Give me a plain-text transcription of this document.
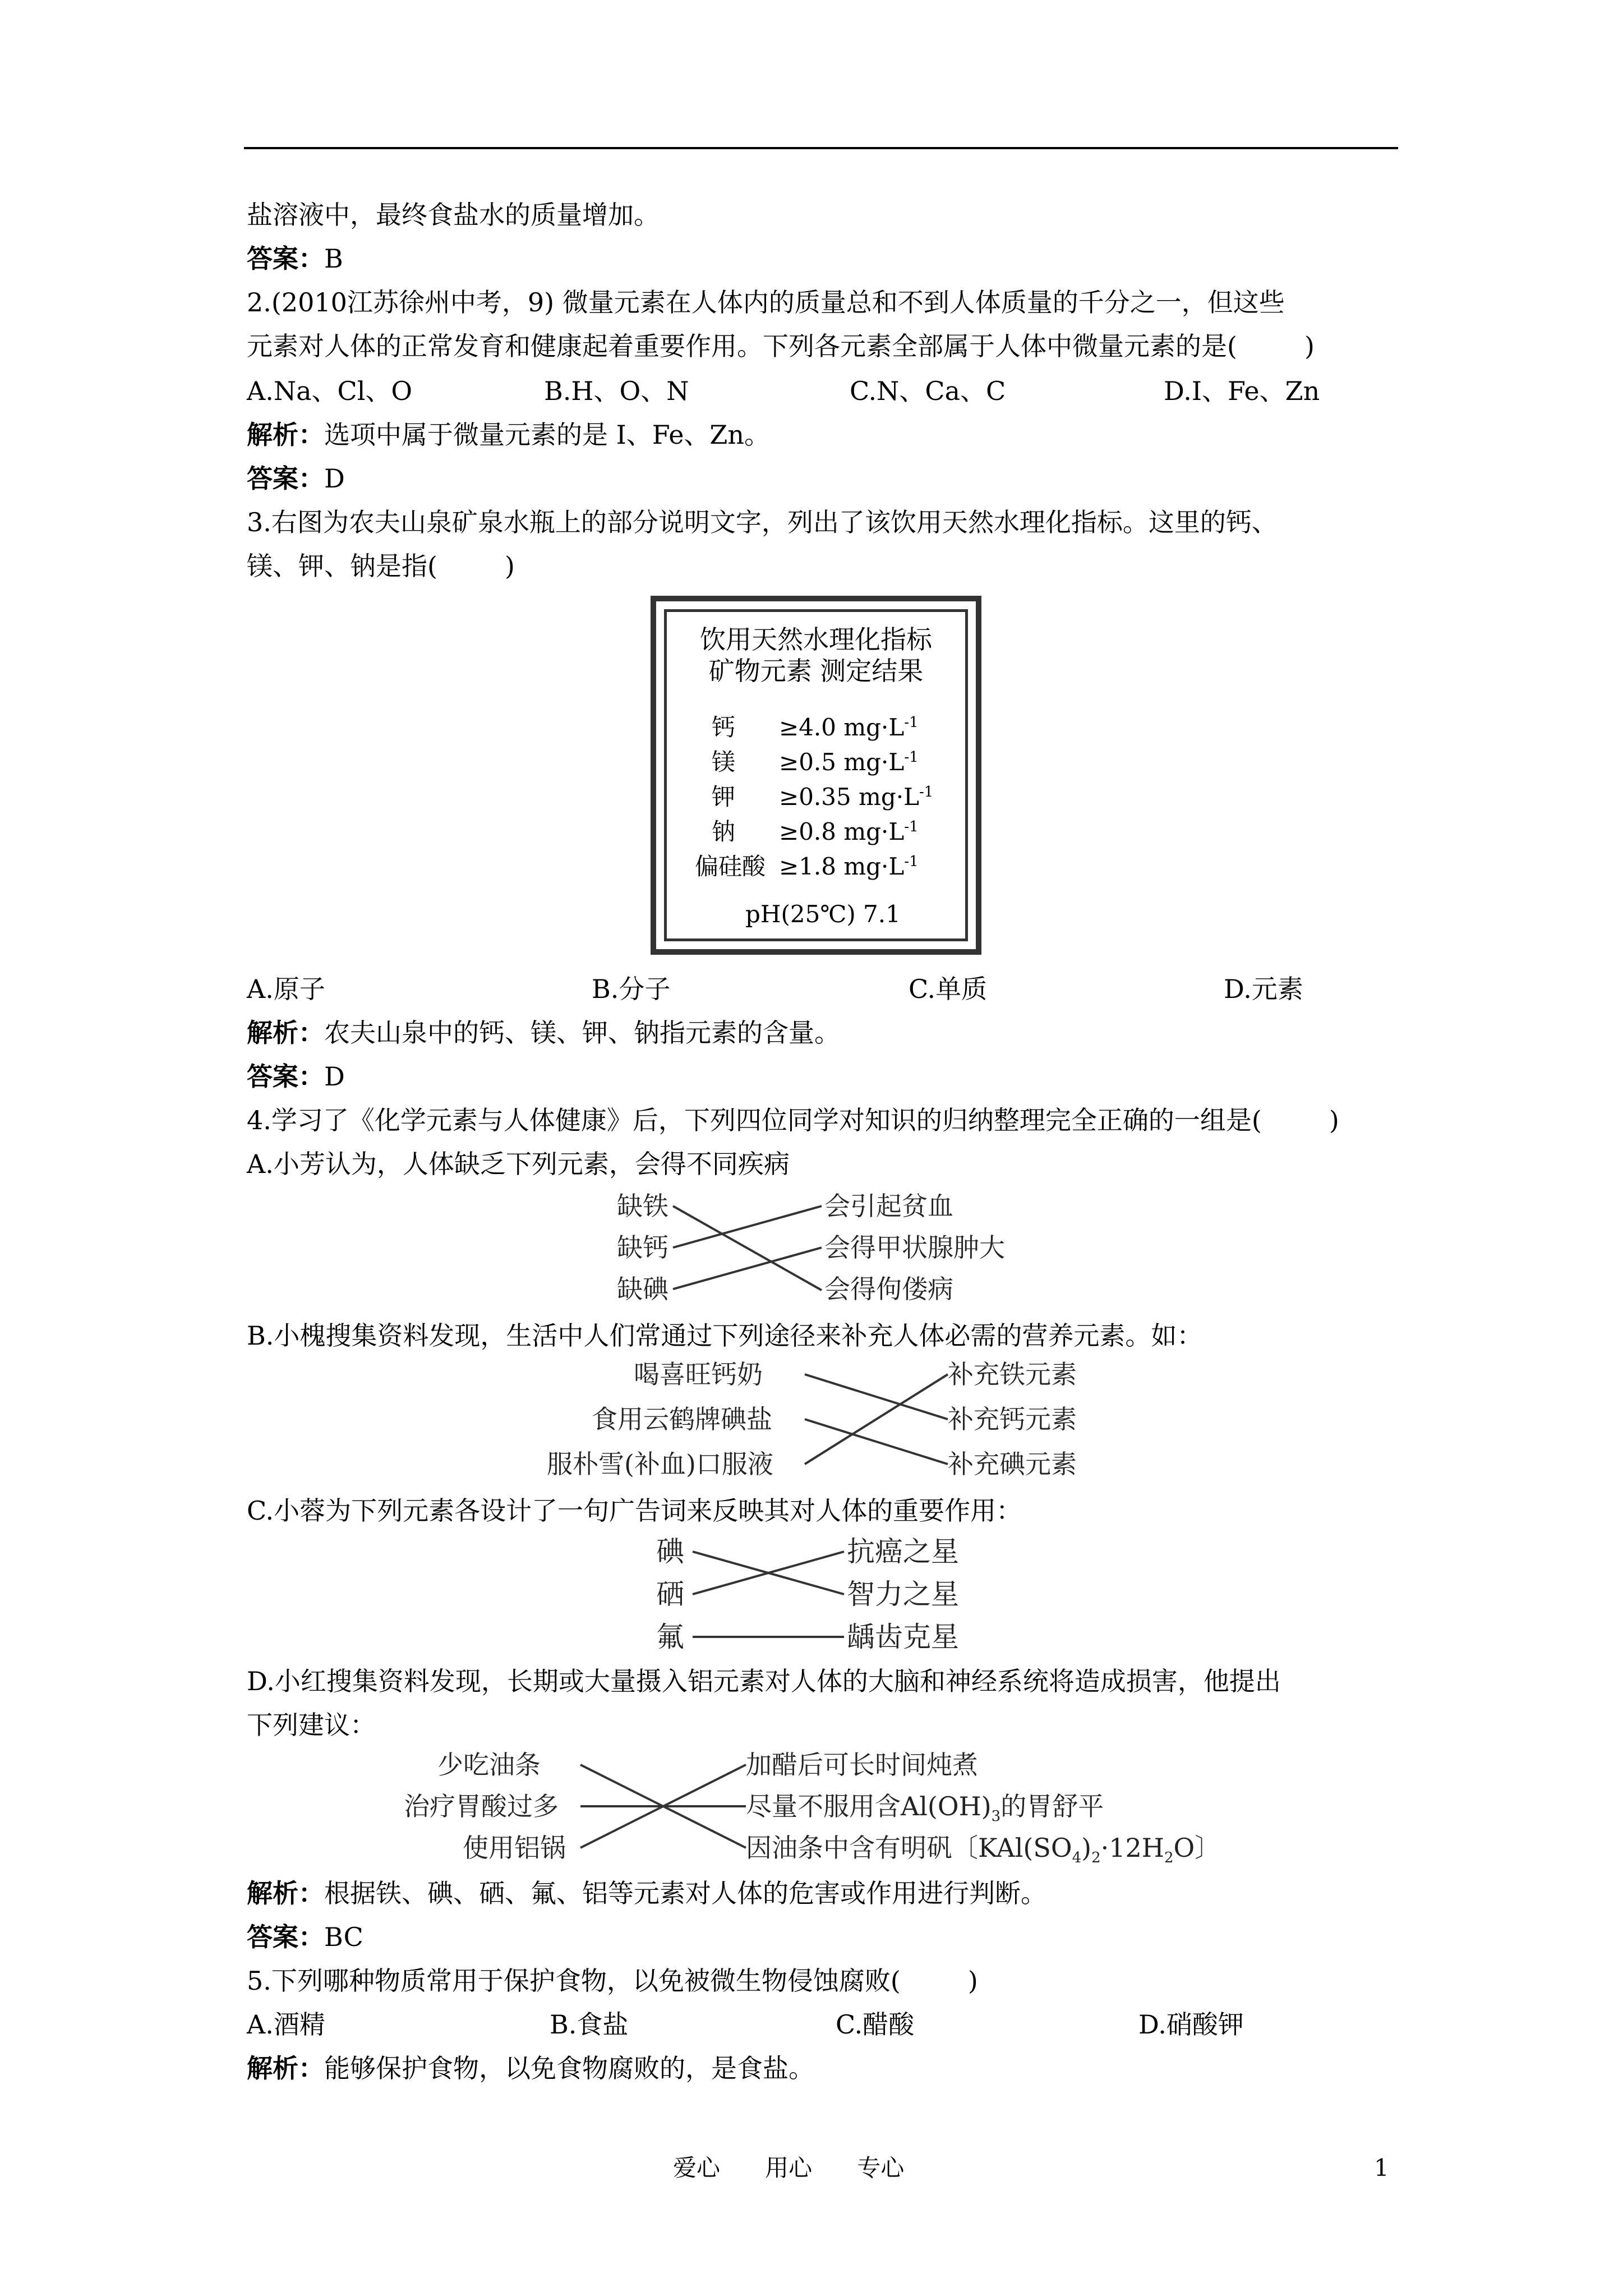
盐溶液中，最终食盐水的质量增加。
答案：B
2.(2010江苏徐州中考，9) 微量元素在人体内的质量总和不到人体质量的千分之一，但这些
元素对人体的正常发育和健康起着重要作用。下列各元素全部属于人体中微量元素的是(	)
A.Na、Cl、O	B.H、O、N	C.N、Ca、C	D.I、Fe、Zn
解析：选项中属于微量元素的是 I、Fe、Zn。
答案：D
3.右图为农夫山泉矿泉水瓶上的部分说明文字，列出了该饮用天然水理化指标。这里的钙、
镁、钾、钠是指(	)
饮用天然水理化指标
矿物元素 测定结果
钙 ≥4.0 $mg\cdot L^{-1}$
镁 ≥0.5 $mg\cdot L^{-1}$
钾 ≥0.35 $mg\cdot L^{-1}$
钠 ≥0.8 $mg\cdot L^{-1}$
偏硅酸 ≥1.8 $mg\cdot L^{-1}$
pH(25℃) 7.1
A.原子	B.分子	C.单质	D.元素
解析：农夫山泉中的钙、镁、钾、钠指元素的含量。
答案：D
4.学习了《化学元素与人体健康》后，下列四位同学对知识的归纳整理完全正确的一组是(	)
A.小芳认为，人体缺乏下列元素，会得不同疾病
缺铁
缺钙
缺碘
会引起贫血
会得甲状腺肿大
会得佝偻病
B.小槐搜集资料发现，生活中人们常通过下列途径来补充人体必需的营养元素。如：
喝喜旺钙奶
食用云鹤牌碘盐
服朴雪(补血)口服液
补充铁元素
补充钙元素
补充碘元素
C.小蓉为下列元素各设计了一句广告词来反映其对人体的重要作用：
碘
硒
氟
抗癌之星
智力之星
龋齿克星
D.小红搜集资料发现，长期或大量摄入铝元素对人体的大脑和神经系统将造成损害，他提出
下列建议：
少吃油条
治疗胃酸过多
使用铝锅
加醋后可长时间炖煮
尽量不服用含$Al(OH)_3$的胃舒平
因油条中含有明矾〔$KAl(SO_4)_2\cdot 12H_2O$〕
解析：根据铁、碘、硒、氟、铝等元素对人体的危害或作用进行判断。
答案：BC
5.下列哪种物质常用于保护食物，以免被微生物侵蚀腐败(	)
A.酒精	B.食盐	C.醋酸	D.硝酸钾
解析：能够保护食物，以免食物腐败的，是食盐。
爱心      用心      专心	1
